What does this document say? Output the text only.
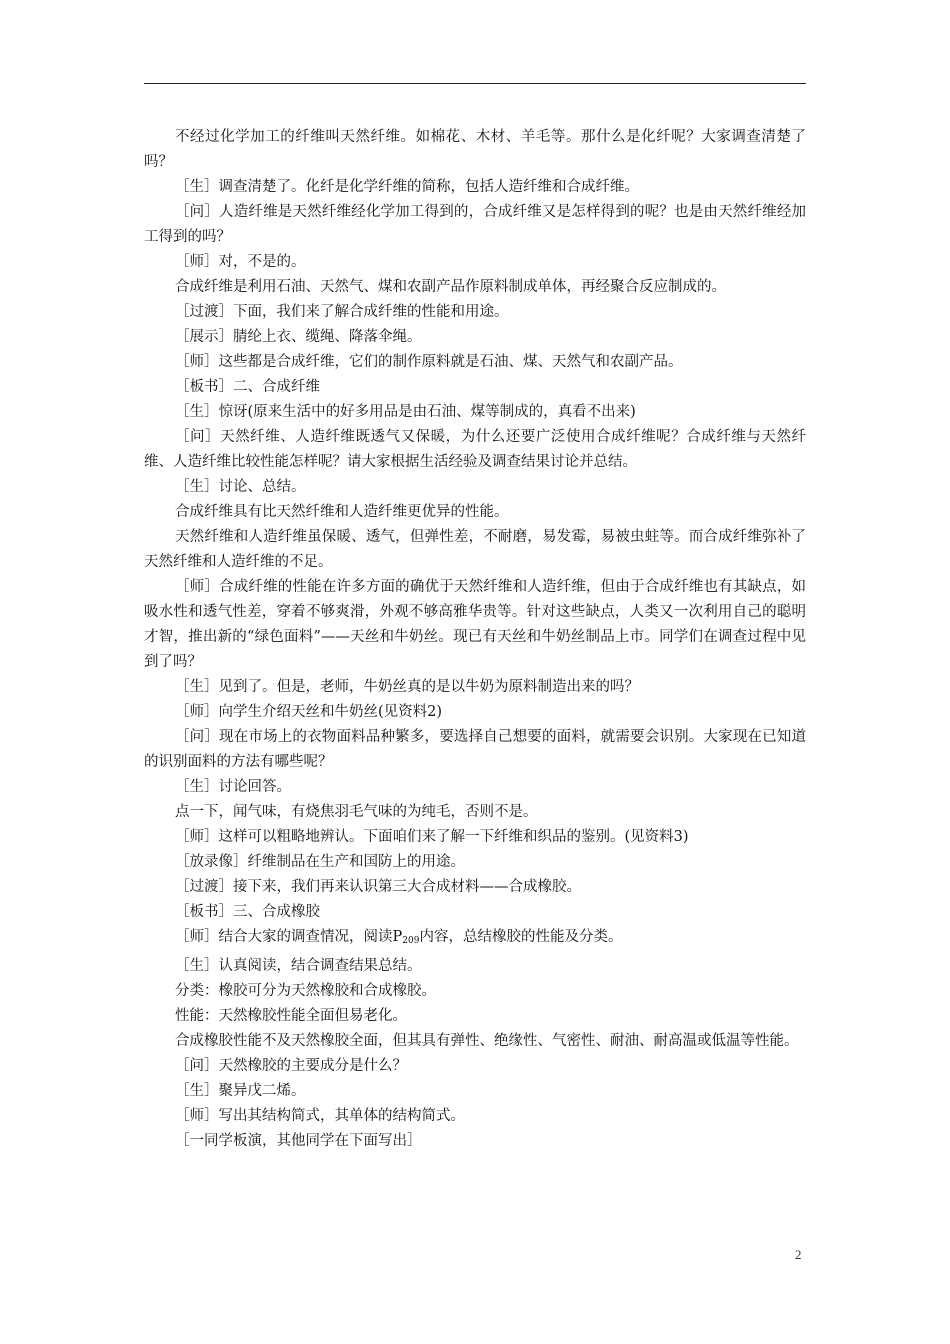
不经过化学加工的纤维叫天然纤维。如棉花、木材、羊毛等。那什么是化纤呢？大家调查清楚了吗？

［生］调查清楚了。化纤是化学纤维的简称，包括人造纤维和合成纤维。

［问］人造纤维是天然纤维经化学加工得到的，合成纤维又是怎样得到的呢？也是由天然纤维经加工得到的吗？

［师］对，不是的。

合成纤维是利用石油、天然气、煤和农副产品作原料制成单体，再经聚合反应制成的。

［过渡］下面，我们来了解合成纤维的性能和用途。

［展示］腈纶上衣、缆绳、降落伞绳。

［师］这些都是合成纤维，它们的制作原料就是石油、煤、天然气和农副产品。

［板书］二、合成纤维

［生］惊讶(原来生活中的好多用品是由石油、煤等制成的，真看不出来)

［问］天然纤维、人造纤维既透气又保暖，为什么还要广泛使用合成纤维呢？合成纤维与天然纤维、人造纤维比较性能怎样呢？请大家根据生活经验及调查结果讨论并总结。

［生］讨论、总结。

合成纤维具有比天然纤维和人造纤维更优异的性能。

天然纤维和人造纤维虽保暖、透气，但弹性差，不耐磨，易发霉，易被虫蛀等。而合成纤维弥补了天然纤维和人造纤维的不足。

［师］合成纤维的性能在许多方面的确优于天然纤维和人造纤维，但由于合成纤维也有其缺点，如吸水性和透气性差，穿着不够爽滑，外观不够高雅华贵等。针对这些缺点，人类又一次利用自己的聪明才智，推出新的“绿色面料”——天丝和牛奶丝。现已有天丝和牛奶丝制品上市。同学们在调查过程中见到了吗？

［生］见到了。但是，老师，牛奶丝真的是以牛奶为原料制造出来的吗？

［师］向学生介绍天丝和牛奶丝(见资料2)

［问］现在市场上的衣物面料品种繁多，要选择自己想要的面料，就需要会识别。大家现在已知道的识别面料的方法有哪些呢？

［生］讨论回答。

点一下，闻气味，有烧焦羽毛气味的为纯毛，否则不是。

［师］这样可以粗略地辨认。下面咱们来了解一下纤维和织品的鉴别。(见资料3)

［放录像］纤维制品在生产和国防上的用途。

［过渡］接下来，我们再来认识第三大合成材料——合成橡胶。

［板书］三、合成橡胶

［师］结合大家的调查情况，阅读$P_{209}$内容，总结橡胶的性能及分类。

［生］认真阅读，结合调查结果总结。

分类：橡胶可分为天然橡胶和合成橡胶。

性能：天然橡胶性能全面但易老化。

合成橡胶性能不及天然橡胶全面，但其具有弹性、绝缘性、气密性、耐油、耐高温或低温等性能。

［问］天然橡胶的主要成分是什么？

［生］聚异戊二烯。

［师］写出其结构简式，其单体的结构简式。

［一同学板演，其他同学在下面写出］

2
